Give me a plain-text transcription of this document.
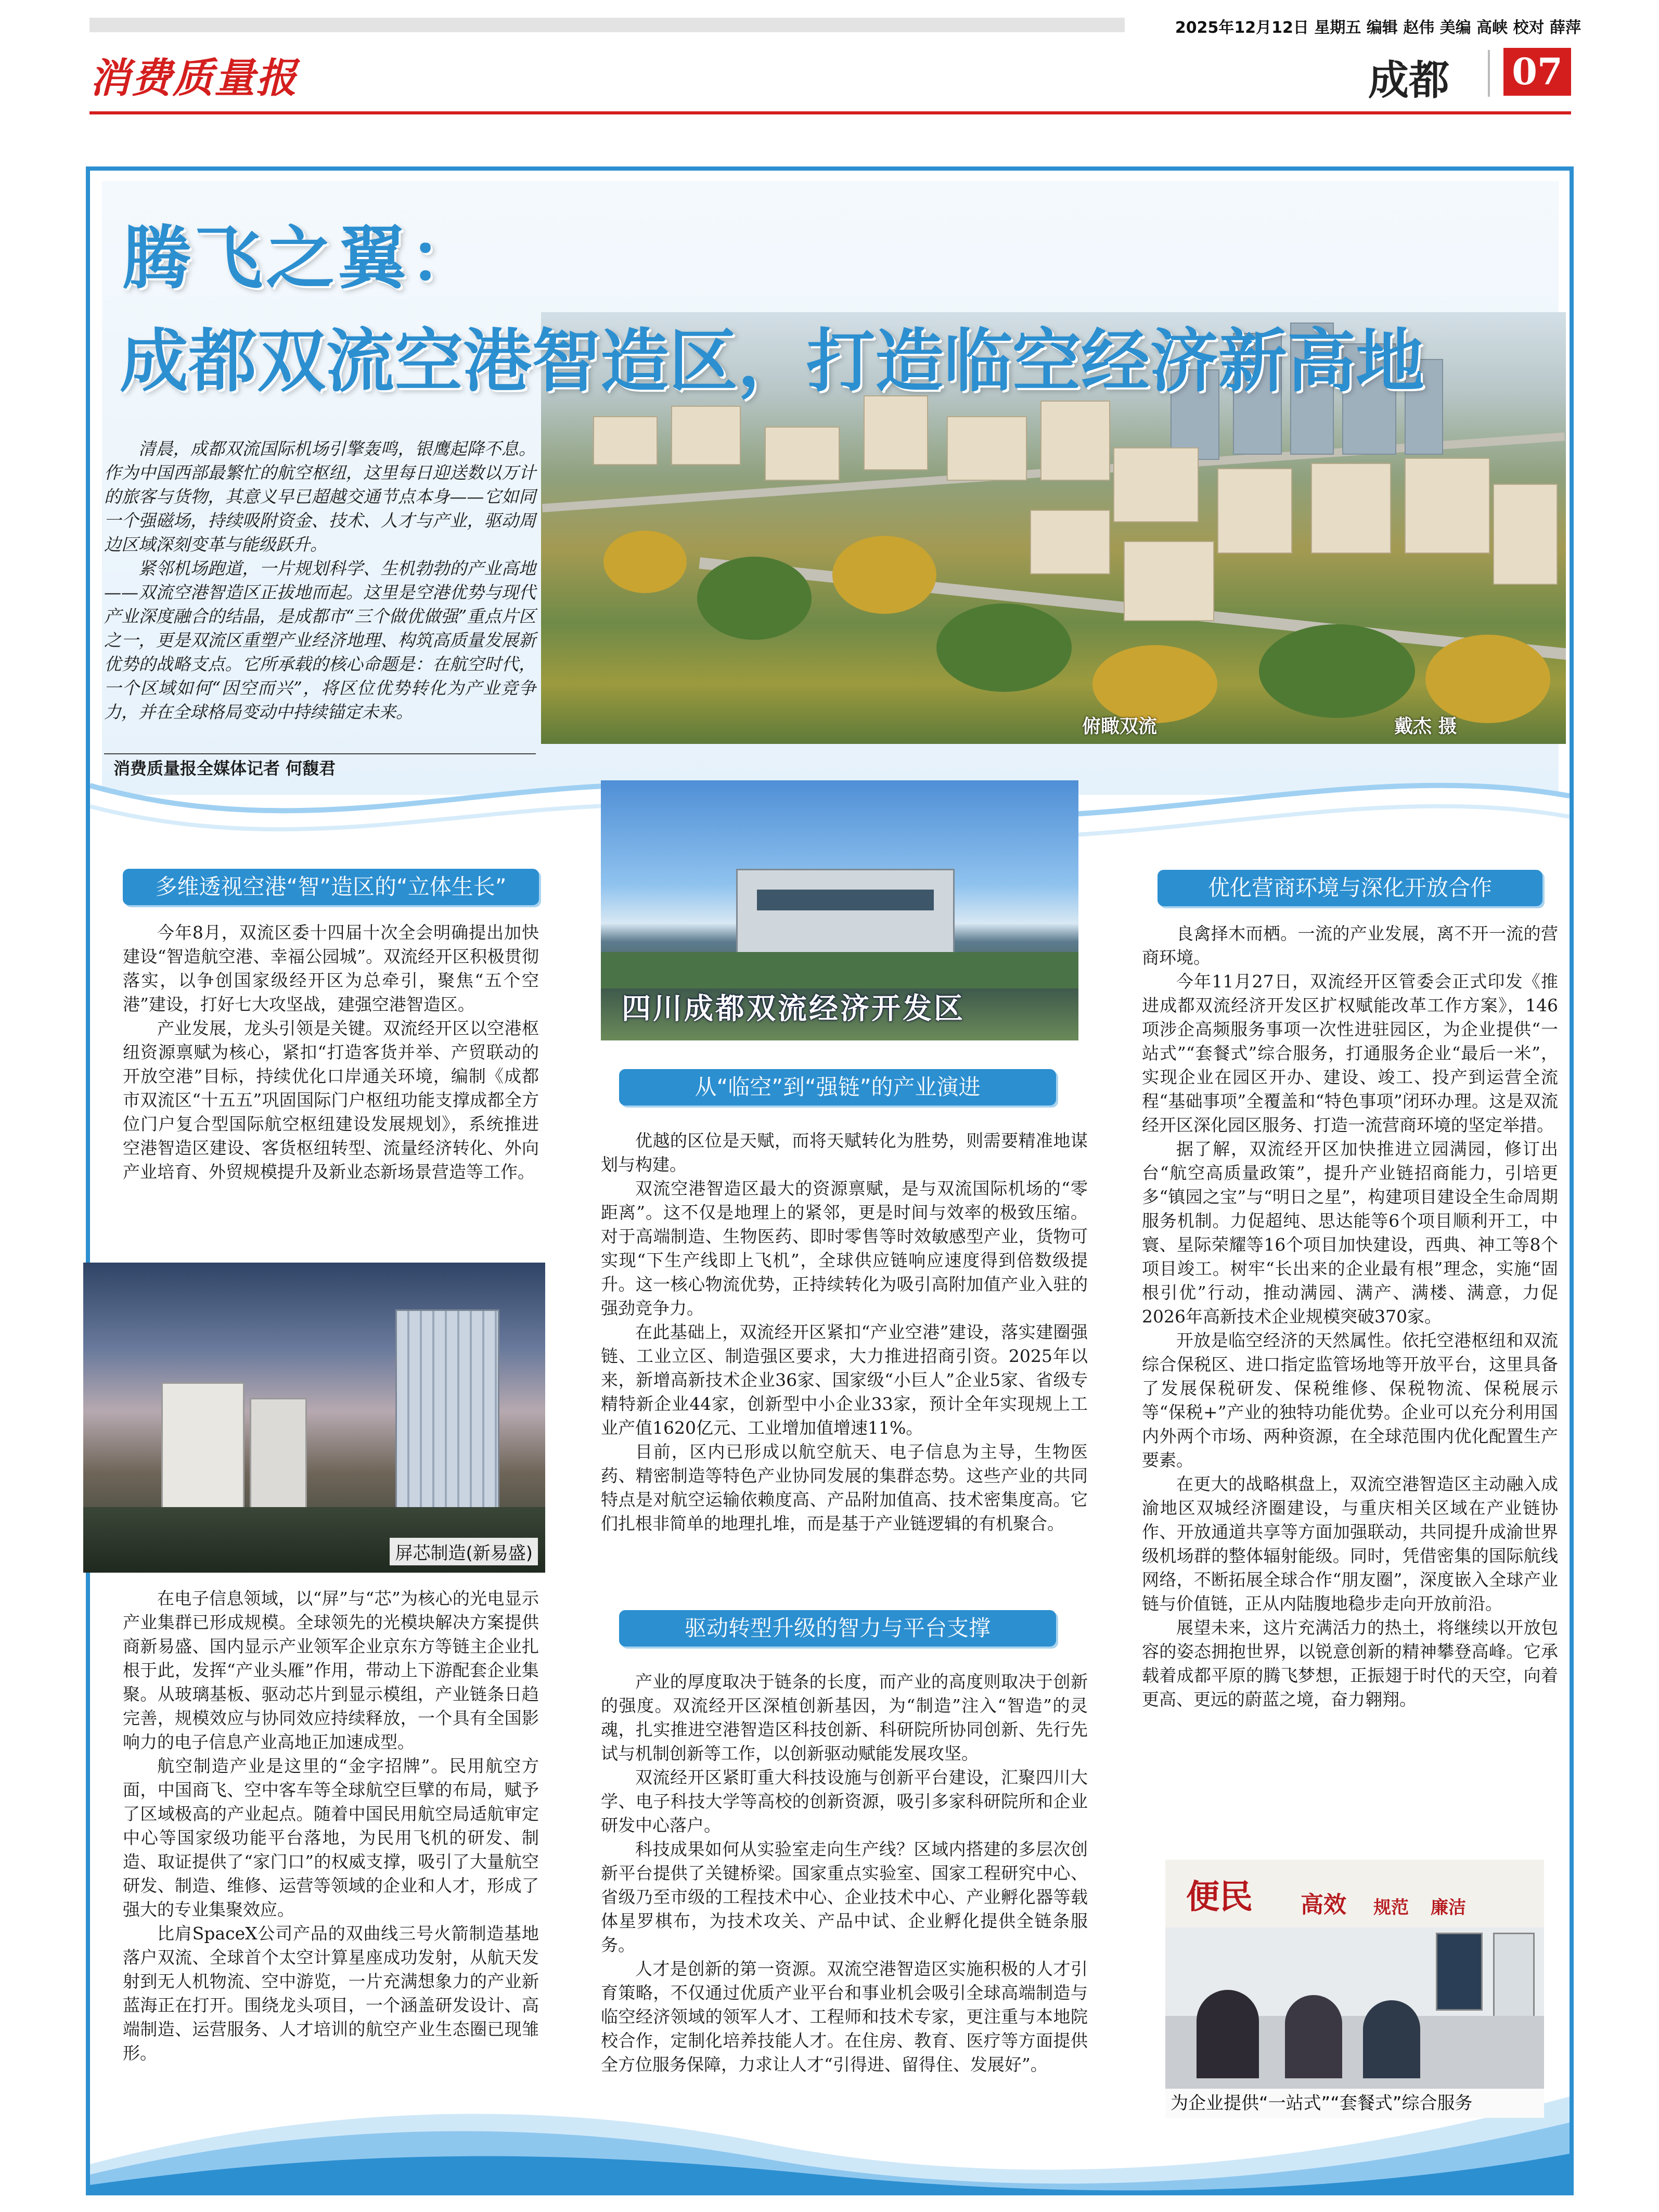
2025年12月12日 星期五 编辑 赵伟 美编 高峡 校对 薛萍
消费质量报	成都 07
俯瞰双流	戴杰 摄
腾飞之翼：
成都双流空港智造区，打造临空经济新高地

清晨，成都双流国际机场引擎轰鸣，银鹰起降不息。作为中国西部最繁忙的航空枢纽，这里每日迎送数以万计的旅客与货物，其意义早已超越交通节点本身——它如同一个强磁场，持续吸附资金、技术、人才与产业，驱动周边区域深刻变革与能级跃升。

紧邻机场跑道，一片规划科学、生机勃勃的产业高地——双流空港智造区正拔地而起。这里是空港优势与现代产业深度融合的结晶，是成都市“三个做优做强”重点片区之一，更是双流区重塑产业经济地理、构筑高质量发展新优势的战略支点。它所承载的核心命题是：在航空时代，一个区域如何“因空而兴”，将区位优势转化为产业竞争力，并在全球格局变动中持续锚定未来。

消费质量报全媒体记者 何馥君
多维透视空港“智”造区的“立体生长”

今年8月，双流区委十四届十次全会明确提出加快建设“智造航空港、幸福公园城”。双流经开区积极贯彻落实，以争创国家级经开区为总牵引，聚焦“五个空港”建设，打好七大攻坚战，建强空港智造区。

产业发展，龙头引领是关键。双流经开区以空港枢纽资源禀赋为核心，紧扣“打造客货并举、产贸联动的开放空港”目标，持续优化口岸通关环境，编制《成都市双流区“十五五”巩固国际门户枢纽功能支撑成都全方位门户复合型国际航空枢纽建设发展规划》，系统推进空港智造区建设、客货枢纽转型、流量经济转化、外向产业培育、外贸规模提升及新业态新场景营造等工作。

屏芯制造(新易盛)

在电子信息领域，以“屏”与“芯”为核心的光电显示产业集群已形成规模。全球领先的光模块解决方案提供商新易盛、国内显示产业领军企业京东方等链主企业扎根于此，发挥“产业头雁”作用，带动上下游配套企业集聚。从玻璃基板、驱动芯片到显示模组，产业链条日趋完善，规模效应与协同效应持续释放，一个具有全国影响力的电子信息产业高地正加速成型。

航空制造产业是这里的“金字招牌”。民用航空方面，中国商飞、空中客车等全球航空巨擘的布局，赋予了区域极高的产业起点。随着中国民用航空局适航审定中心等国家级功能平台落地，为民用飞机的研发、制造、取证提供了“家门口”的权威支撑，吸引了大量航空研发、制造、维修、运营等领域的企业和人才，形成了强大的专业集聚效应。

比肩SpaceX公司产品的双曲线三号火箭制造基地落户双流、全球首个太空计算星座成功发射，从航天发射到无人机物流、空中游览，一片充满想象力的产业新蓝海正在打开。围绕龙头项目，一个涵盖研发设计、高端制造、运营服务、人才培训的航空产业生态圈已现雏形。

四川成都双流经济开发区
从“临空”到“强链”的产业演进

优越的区位是天赋，而将天赋转化为胜势，则需要精准地谋划与构建。

双流空港智造区最大的资源禀赋，是与双流国际机场的“零距离”。这不仅是地理上的紧邻，更是时间与效率的极致压缩。对于高端制造、生物医药、即时零售等时效敏感型产业，货物可实现“下生产线即上飞机”，全球供应链响应速度得到倍数级提升。这一核心物流优势，正持续转化为吸引高附加值产业入驻的强劲竞争力。

在此基础上，双流经开区紧扣“产业空港”建设，落实建圈强链、工业立区、制造强区要求，大力推进招商引资。2025年以来，新增高新技术企业36家、国家级“小巨人”企业5家、省级专精特新企业44家，创新型中小企业33家，预计全年实现规上工业产值1620亿元、工业增加值增速11%。

目前，区内已形成以航空航天、电子信息为主导，生物医药、精密制造等特色产业协同发展的集群态势。这些产业的共同特点是对航空运输依赖度高、产品附加值高、技术密集度高。它们扎根非简单的地理扎堆，而是基于产业链逻辑的有机聚合。

驱动转型升级的智力与平台支撑

产业的厚度取决于链条的长度，而产业的高度则取决于创新的强度。双流经开区深植创新基因，为“制造”注入“智造”的灵魂，扎实推进空港智造区科技创新、科研院所协同创新、先行先试与机制创新等工作，以创新驱动赋能发展攻坚。

双流经开区紧盯重大科技设施与创新平台建设，汇聚四川大学、电子科技大学等高校的创新资源，吸引多家科研院所和企业研发中心落户。

科技成果如何从实验室走向生产线？区域内搭建的多层次创新平台提供了关键桥梁。国家重点实验室、国家工程研究中心、省级乃至市级的工程技术中心、企业技术中心、产业孵化器等载体星罗棋布，为技术攻关、产品中试、企业孵化提供全链条服务。

人才是创新的第一资源。双流空港智造区实施积极的人才引育策略，不仅通过优质产业平台和事业机会吸引全球高端制造与临空经济领域的领军人才、工程师和技术专家，更注重与本地院校合作，定制化培养技能人才。在住房、教育、医疗等方面提供全方位服务保障，力求让人才“引得进、留得住、发展好”。

优化营商环境与深化开放合作

良禽择木而栖。一流的产业发展，离不开一流的营商环境。

今年11月27日，双流经开区管委会正式印发《推进成都双流经济开发区扩权赋能改革工作方案》，146项涉企高频服务事项一次性进驻园区，为企业提供“一站式”“套餐式”综合服务，打通服务企业“最后一米”，实现企业在园区开办、建设、竣工、投产到运营全流程“基础事项”全覆盖和“特色事项”闭环办理。这是双流经开区深化园区服务、打造一流营商环境的坚定举措。

据了解，双流经开区加快推进立园满园，修订出台“航空高质量政策”，提升产业链招商能力，引培更多“镇园之宝”与“明日之星”，构建项目建设全生命周期服务机制。力促超纯、思达能等6个项目顺利开工，中寰、星际荣耀等16个项目加快建设，西典、神工等8个项目竣工。树牢“长出来的企业最有根”理念，实施“固根引优”行动，推动满园、满产、满楼、满意，力促2026年高新技术企业规模突破370家。

开放是临空经济的天然属性。依托空港枢纽和双流综合保税区、进口指定监管场地等开放平台，这里具备了发展保税研发、保税维修、保税物流、保税展示等“保税+”产业的独特功能优势。企业可以充分利用国内外两个市场、两种资源，在全球范围内优化配置生产要素。

在更大的战略棋盘上，双流空港智造区主动融入成渝地区双城经济圈建设，与重庆相关区域在产业链协作、开放通道共享等方面加强联动，共同提升成渝世界级机场群的整体辐射能级。同时，凭借密集的国际航线网络，不断拓展全球合作“朋友圈”，深度嵌入全球产业链与价值链，正从内陆腹地稳步走向开放前沿。

展望未来，这片充满活力的热土，将继续以开放包容的姿态拥抱世界，以锐意创新的精神攀登高峰。它承载着成都平原的腾飞梦想，正振翅于时代的天空，向着更高、更远的蔚蓝之境，奋力翱翔。

便民 高效 规范 廉洁
为企业提供“一站式”“套餐式”综合服务
